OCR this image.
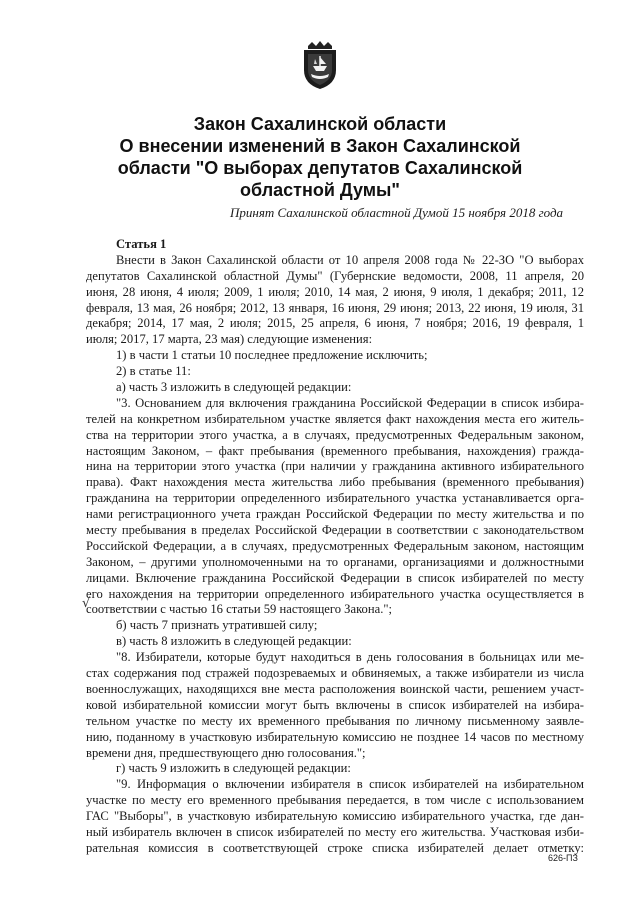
Закон Сахалинской области
О внесении изменений в Закон Сахалинской
области "О выборах депутатов Сахалинской
областной Думы"
Принят Сахалинской областной Думой 15 ноября 2018 года
Статья 1
Внести в Закон Сахалинской области от 10 апреля 2008 года № 22-ЗО "О выборах
депутатов Сахалинской областной Думы" (Губернские ведомости, 2008, 11 апреля, 20
июня, 28 июня, 4 июля; 2009, 1 июля; 2010, 14 мая, 2 июня, 9 июля, 1 декабря; 2011, 12
февраля, 13 мая, 26 ноября; 2012, 13 января, 16 июня, 29 июня; 2013, 22 июня, 19 июля, 31
декабря; 2014, 17 мая, 2 июля; 2015, 25 апреля, 6 июня, 7 ноября; 2016, 19 февраля, 1
июля; 2017, 17 марта, 23 мая) следующие изменения:
1) в части 1 статьи 10 последнее предложение исключить;
2) в статье 11:
а) часть 3 изложить в следующей редакции:
"3. Основанием для включения гражданина Российской Федерации в список избира-
телей на конкретном избирательном участке является факт нахождения места его житель-
ства на территории этого участка, а в случаях, предусмотренных Федеральным законом,
настоящим Законом, – факт пребывания (временного пребывания, нахождения) гражда-
нина на территории этого участка (при наличии у гражданина активного избирательного
права). Факт нахождения места жительства либо пребывания (временного пребывания)
гражданина на территории определенного избирательного участка устанавливается орга-
нами регистрационного учета граждан Российской Федерации по месту жительства и по
месту пребывания в пределах Российской Федерации в соответствии с законодательством
Российской Федерации, а в случаях, предусмотренных Федеральным законом, настоящим
Законом, – другими уполномоченными на то органами, организациями и должностными
лицами. Включение гражданина Российской Федерации в список избирателей по месту
его нахождения на территории определенного избирательного участка осуществляется в
соответствии с частью 16 статьи 59 настоящего Закона.";
б) часть 7 признать утратившей силу;
в) часть 8 изложить в следующей редакции:
"8. Избиратели, которые будут находиться в день голосования в больницах или ме-
стах содержания под стражей подозреваемых и обвиняемых, а также избиратели из числа
военнослужащих, находящихся вне места расположения воинской части, решением участ-
ковой избирательной комиссии могут быть включены в список избирателей на избира-
тельном участке по месту их временного пребывания по личному письменному заявле-
нию, поданному в участковую избирательную комиссию не позднее 14 часов по местному
времени дня, предшествующего дню голосования.";
г) часть 9 изложить в следующей редакции:
"9. Информация о включении избирателя в список избирателей на избирательном
участке по месту его временного пребывания передается, в том числе с использованием
ГАС "Выборы", в участковую избирательную комиссию избирательного участка, где дан-
ный избиратель включен в список избирателей по месту его жительства. Участковая изби-
рательная комиссия в соответствующей строке списка избирателей делает отметку:
√
626-ПЗ
